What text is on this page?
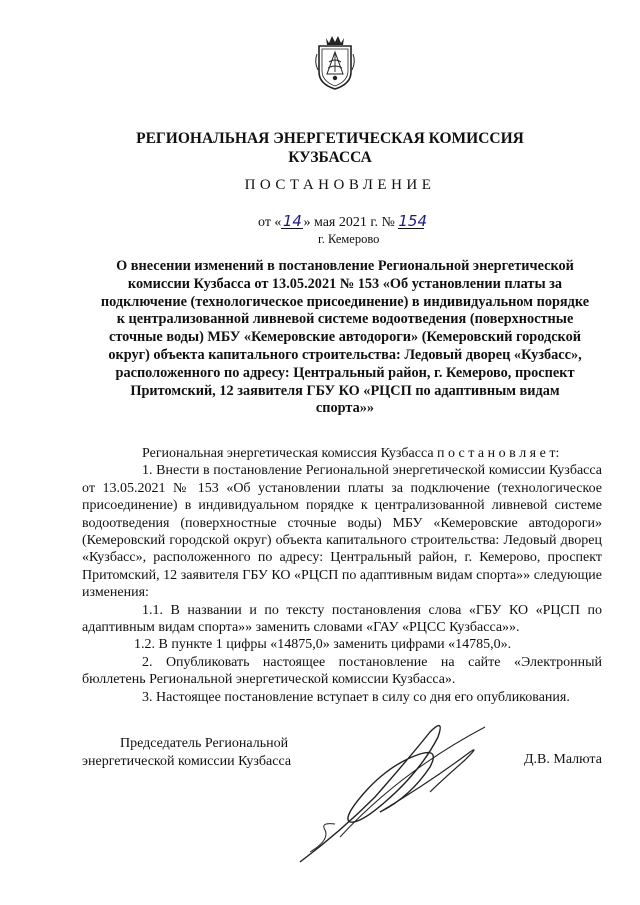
РЕГИОНАЛЬНАЯ ЭНЕРГЕТИЧЕСКАЯ КОМИССИЯ
КУЗБАССА
ПОСТАНОВЛЕНИЕ
от «14» мая 2021 г. № 154
г. Кемерово
О внесении изменений в постановление Региональной энергетической комиссии Кузбасса от 13.05.2021 № 153 «Об установлении платы за подключение (технологическое присоединение) в индивидуальном порядке к централизованной ливневой системе водоотведения (поверхностные сточные воды) МБУ «Кемеровские автодороги» (Кемеровский городской округ) объекта капитального строительства: Ледовый дворец «Кузбасс», расположенного по адресу: Центральный район, г. Кемерово, проспект Притомский, 12 заявителя ГБУ КО «РЦСП по адаптивным видам спорта»»

Региональная энергетическая комиссия Кузбасса п о с т а н о в л я е т:

1. Внести в постановление Региональной энергетической комиссии Кузбасса от 13.05.2021 № 153 «Об установлении платы за подключение (технологическое присоединение) в индивидуальном порядке к централизованной ливневой системе водоотведения (поверхностные сточные воды) МБУ «Кемеровские автодороги» (Кемеровский городской округ) объекта капитального строительства: Ледовый дворец «Кузбасс», расположенного по адресу: Центральный район, г. Кемерово, проспект Притомский, 12 заявителя ГБУ КО «РЦСП по адаптивным видам спорта»» следующие изменения:

1.1. В названии и по тексту постановления слова «ГБУ КО «РЦСП по адаптивным видам спорта»» заменить словами «ГАУ «РЦСС Кузбасса»».

1.2. В пункте 1 цифры «14875,0» заменить цифрами «14785,0».

2. Опубликовать настоящее постановление на сайте «Электронный бюллетень Региональной энергетической комиссии Кузбасса».

3. Настоящее постановление вступает в силу со дня его опубликования.

Председатель Региональной
энергетической комиссии Кузбасса	Д.В. Малюта
